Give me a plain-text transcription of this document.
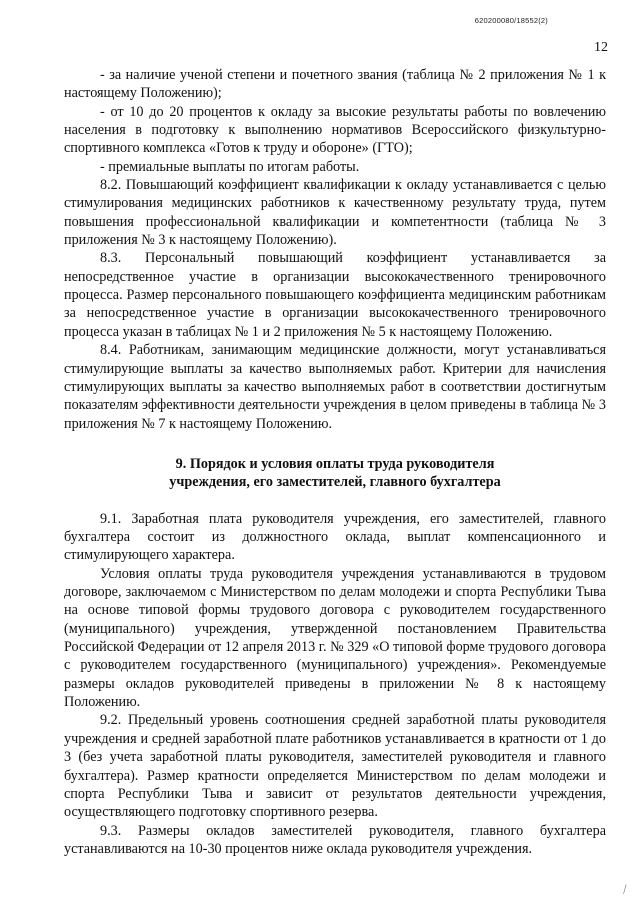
620200080/18552(2)
12

- за наличие ученой степени и почетного звания (таблица № 2 приложения № 1 к настоящему Положению);

- от 10 до 20 процентов к окладу за высокие результаты работы по вовлечению населения в подготовку к выполнению нормативов Всероссийского физкультурно-спортивного комплекса «Готов к труду и обороне» (ГТО);

- премиальные выплаты по итогам работы.

8.2. Повышающий коэффициент квалификации к окладу устанавливается с целью стимулирования медицинских работников к качественному результату труда, путем повышения профессиональной квалификации и компетентности (таблица № 3 приложения № 3 к настоящему Положению).

8.3. Персональный повышающий коэффициент устанавливается за непосредственное участие в организации высококачественного тренировочного процесса. Размер персонального повышающего коэффициента медицинским работникам за непосредственное участие в организации высококачественного тренировочного процесса указан в таблицах № 1 и 2 приложения № 5 к настоящему Положению.

8.4. Работникам, занимающим медицинские должности, могут устанавливаться стимулирующие выплаты за качество выполняемых работ. Критерии для начисления стимулирующих выплаты за качество выполняемых работ в соответствии достигнутым показателям эффективности деятельности учреждения в целом приведены в таблица № 3 приложения № 7 к настоящему Положению.

9. Порядок и условия оплаты труда руководителя
учреждения, его заместителей, главного бухгалтера

9.1. Заработная плата руководителя учреждения, его заместителей, главного бухгалтера состоит из должностного оклада, выплат компенсационного и стимулирующего характера.

Условия оплаты труда руководителя учреждения устанавливаются в трудовом договоре, заключаемом с Министерством по делам молодежи и спорта Республики Тыва на основе типовой формы трудового договора с руководителем государственного (муниципального) учреждения, утвержденной постановлением Правительства Российской Федерации от 12 апреля 2013 г. № 329 «О типовой форме трудового договора с руководителем государственного (муниципального) учреждения». Рекомендуемые размеры окладов руководителей приведены в приложении № 8 к настоящему Положению.

9.2. Предельный уровень соотношения средней заработной платы руководителя учреждения и средней заработной плате работников устанавливается в кратности от 1 до 3 (без учета заработной платы руководителя, заместителей руководителя и главного бухгалтера). Размер кратности определяется Министерством по делам молодежи и спорта Республики Тыва и зависит от результатов деятельности учреждения, осуществляющего подготовку спортивного резерва.

9.3. Размеры окладов заместителей руководителя, главного бухгалтера устанавливаются на 10-30 процентов ниже оклада руководителя учреждения.

⁄
